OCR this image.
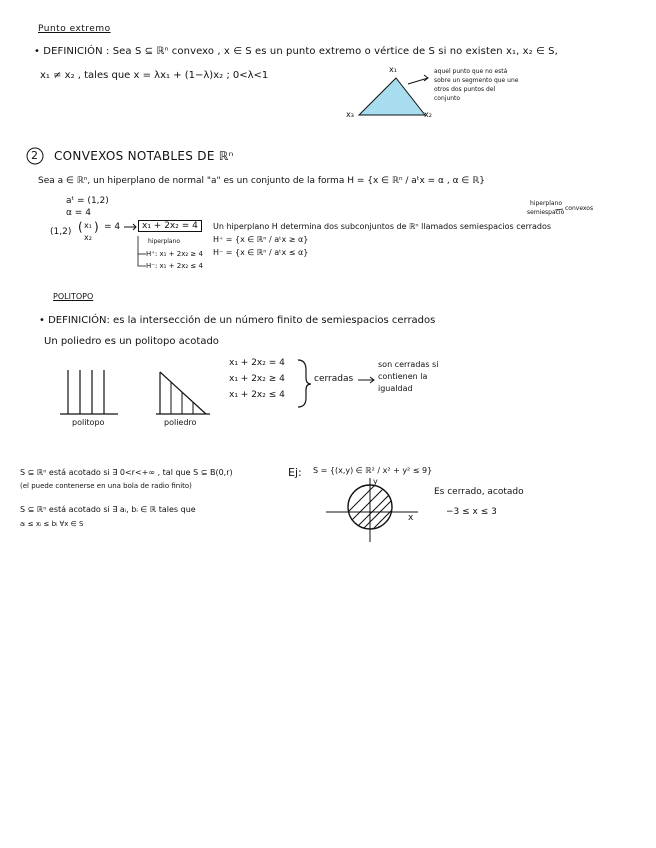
Punto extremo
• DEFINICIÓN : Sea S ⊆ ℝⁿ convexo , x ∈ S es un punto extremo o vértice de S si no existen x₁, x₂ ∈ S,
x₁ ≠ x₂ , tales que x = λx₁ + (1−λ)x₂ ; 0<λ<1
x₁
x₂
x₃
aquel punto que no está
sobre un segmento que une
otros dos puntos del
conjunto
2 CONVEXOS NOTABLES DE ℝⁿ
Sea a ∈ ℝⁿ, un hiperplano de normal "a" es un conjunto de la forma H = {x ∈ ℝⁿ / aᵗx = α , α ∈ ℝ}
hiperplano
semiespacio
convexos
aᵗ = (1,2)
α = 4
(1,2) ( x₁
x₂
) = 4	x₁ + 2x₂ = 4
hiperplano
H⁺: x₁ + 2x₂ ≥ 4
H⁻: x₁ + 2x₂ ≤ 4
Un hiperplano H determina dos subconjuntos de ℝⁿ llamados semiespacios cerrados
H⁺ = {x ∈ ℝⁿ / aᵗx ≥ α}
H⁻ = {x ∈ ℝⁿ / aᵗx ≤ α}
POLITOPO
• DEFINICIÓN: es la intersección de un número finito de semiespacios cerrados
Un poliedro es un politopo acotado
x₁ + 2x₂ = 4
x₁ + 2x₂ ≥ 4
x₁ + 2x₂ ≤ 4
cerradas
son cerradas si
contienen la
igualdad
politopo	poliedro
S ⊆ ℝⁿ está acotado si ∃ 0<r<+∞ , tal que S ⊆ B(0,r)
(el puede contenerse en una bola de radio finito)
S ⊆ ℝⁿ está acotado si ∃ aᵢ, bᵢ ∈ ℝ tales que
aᵢ ≤ xᵢ ≤ bᵢ ∀x ∈ S
Ej: S = {(x,y) ∈ ℝ² / x² + y² ≤ 9}
y
x
Es cerrado, acotado
−3 ≤ x ≤ 3
